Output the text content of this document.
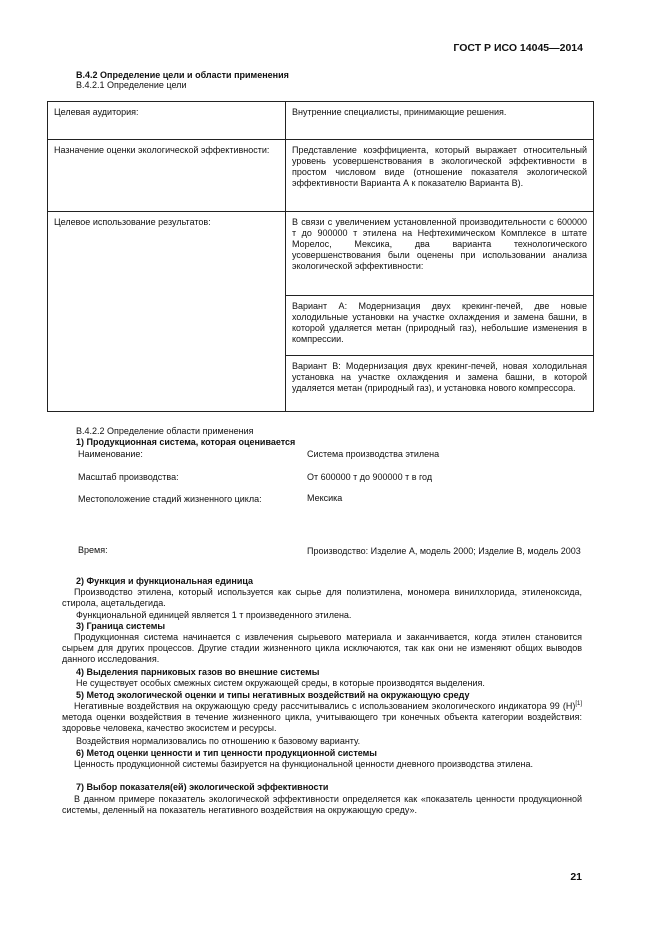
ГОСТ Р ИСО 14045—2014
В.4.2 Определение цели и области применения
В.4.2.1 Определение цели
Целевая аудитория:	Внутренние специалисты, принимающие решения.
Назначение оценки экологической эффективности:	Представление коэффициента, который выражает относительный уровень усовершенствования в экологической эффективности в простом числовом виде (отношение показателя экологической эффективности Варианта А к показателю Варианта В).
Целевое использование результатов:	В связи с увеличением установленной производительности с 600000 т до 900000 т этилена на Нефтехимическом Комплексе в штате Морелос, Мексика, два варианта технологического усовершенствования были оценены при использовании анализа экологической эффективности:
	Вариант А: Модернизация двух крекинг-печей, две новые холодильные установки на участке охлаждения и замена башни, в которой удаляется метан (природный газ), небольшие изменения в компрессии.
	Вариант В: Модернизация двух крекинг-печей, новая холодильная установка на участке охлаждения и замена башни, в которой удаляется метан (природный газ), и установка нового компрессора.
В.4.2.2 Определение области применения
1) Продукционная система, которая оценивается
Наименование:	Система производства этилена
Масштаб производства:	От 600000 т до 900000 т в год
Местоположение стадий жизненного цикла:	Мексика
Время:	Производство: Изделие А, модель 2000; Изделие В, модель 2003
2) Функция и функциональная единица
Производство этилена, который используется как сырье для полиэтилена, мономера винилхлорида, этиленоксида, стирола, ацетальдегида.
Функциональной единицей является 1 т произведенного этилена.
3) Граница системы
Продукционная система начинается с извлечения сырьевого материала и заканчивается, когда этилен становится сырьем для других процессов. Другие стадии жизненного цикла исключаются, так как они не изменяют общих выводов данного исследования.
4) Выделения парниковых газов во внешние системы
Не существует особых смежных систем окружающей среды, в которые производятся выделения.
5) Метод экологической оценки и типы негативных воздействий на окружающую среду
Негативные воздействия на окружающую среду рассчитывались с использованием экологического индикатора 99 (H)[1] метода оценки воздействия в течение жизненного цикла, учитывающего три конечных объекта категории воздействия: здоровье человека, качество экосистем и ресурсы.
Воздействия нормализовались по отношению к базовому варианту.
6) Метод оценки ценности и тип ценности продукционной системы
Ценность продукционной системы базируется на функциональной ценности дневного производства этилена.
7) Выбор показателя(ей) экологической эффективности
В данном примере показатель экологической эффективности определяется как «показатель ценности продукционной системы, деленный на показатель негативного воздействия на окружающую среду».
21
